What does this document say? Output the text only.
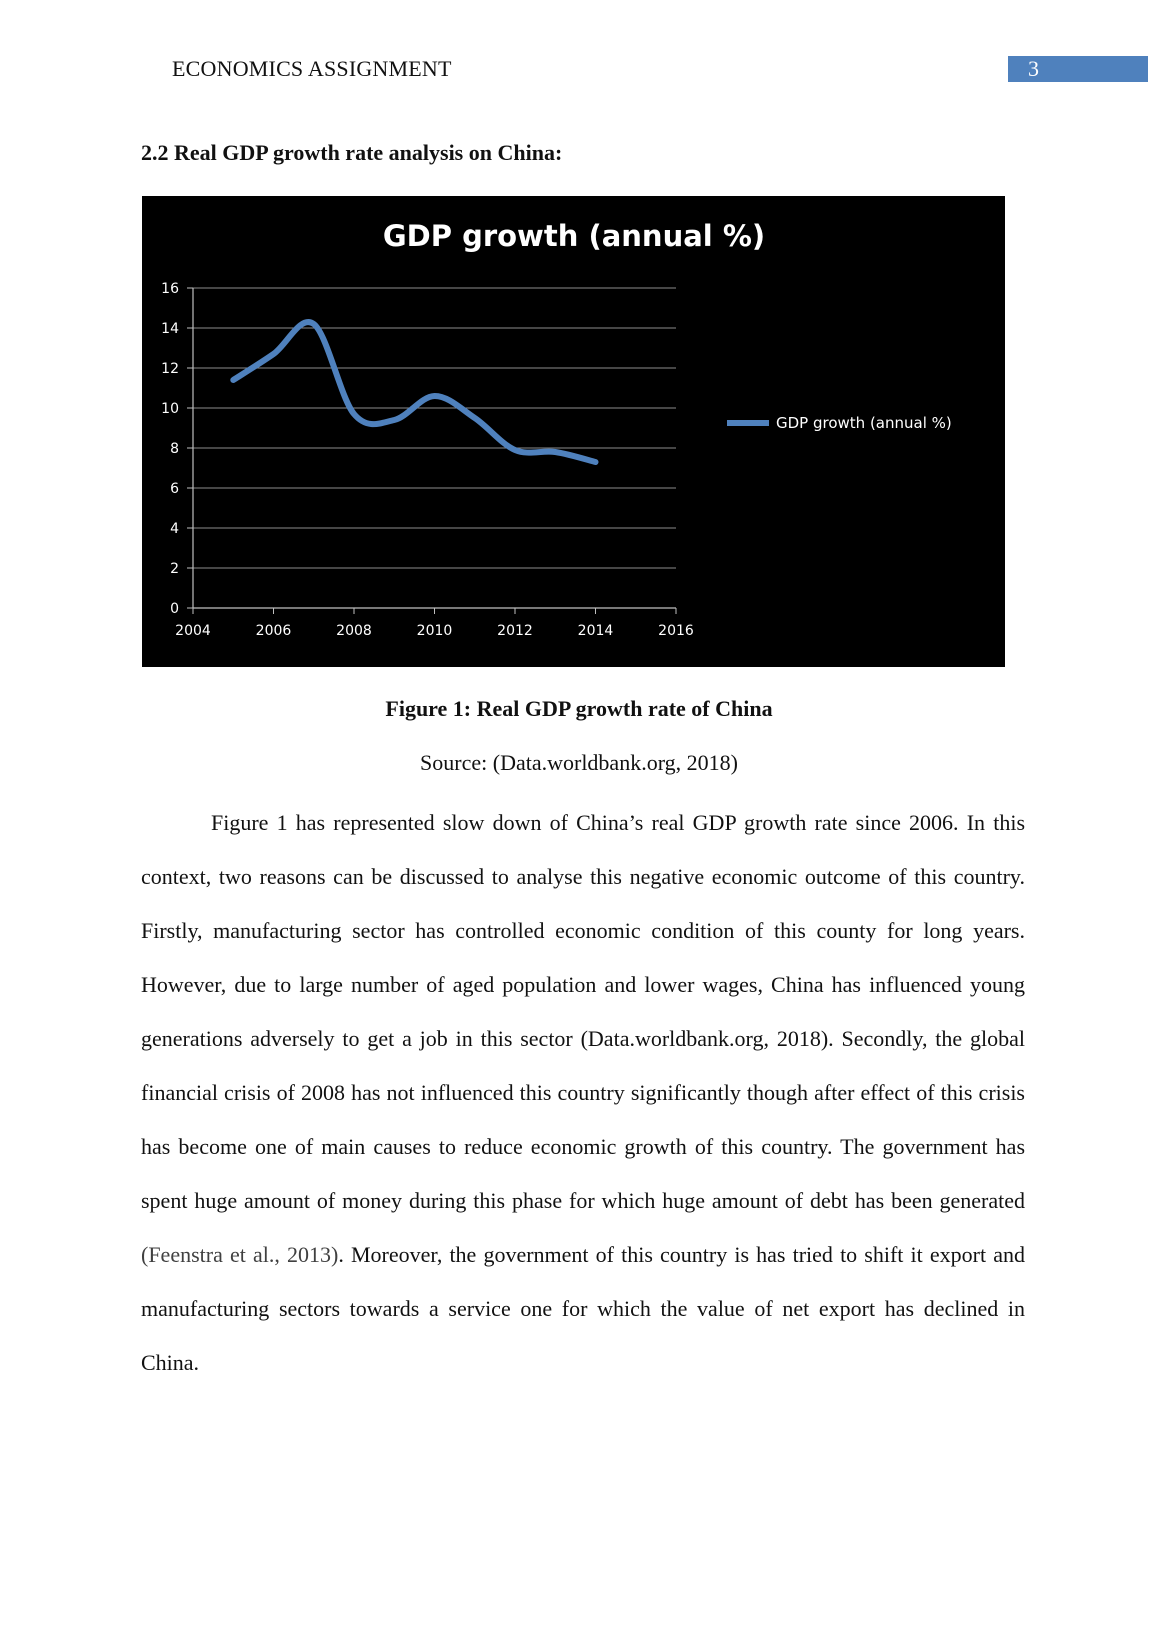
ECONOMICS ASSIGNMENT	3
2.2 Real GDP growth rate analysis on China:
GDP growth (annual %)
0
2
4
6
8
10
12
14
16
2004	2006	2008	2010	2012	2014	2016
GDP growth (annual %)
Figure 1: Real GDP growth rate of China
Source: (Data.worldbank.org, 2018)

Figure 1 has represented slow down of China’s real GDP growth rate since 2006. In this context, two reasons can be discussed to analyse this negative economic outcome of this country. Firstly, manufacturing sector has controlled economic condition of this county for long years. However, due to large number of aged population and lower wages, China has influenced young generations adversely to get a job in this sector (Data.worldbank.org, 2018). Secondly, the global financial crisis of 2008 has not influenced this country significantly though after effect of this crisis has become one of main causes to reduce economic growth of this country. The government has spent huge amount of money during this phase for which huge amount of debt has been generated (Feenstra et al., 2013). Moreover, the government of this country is has tried to shift it export and manufacturing sectors towards a service one for which the value of net export has declined in China.
